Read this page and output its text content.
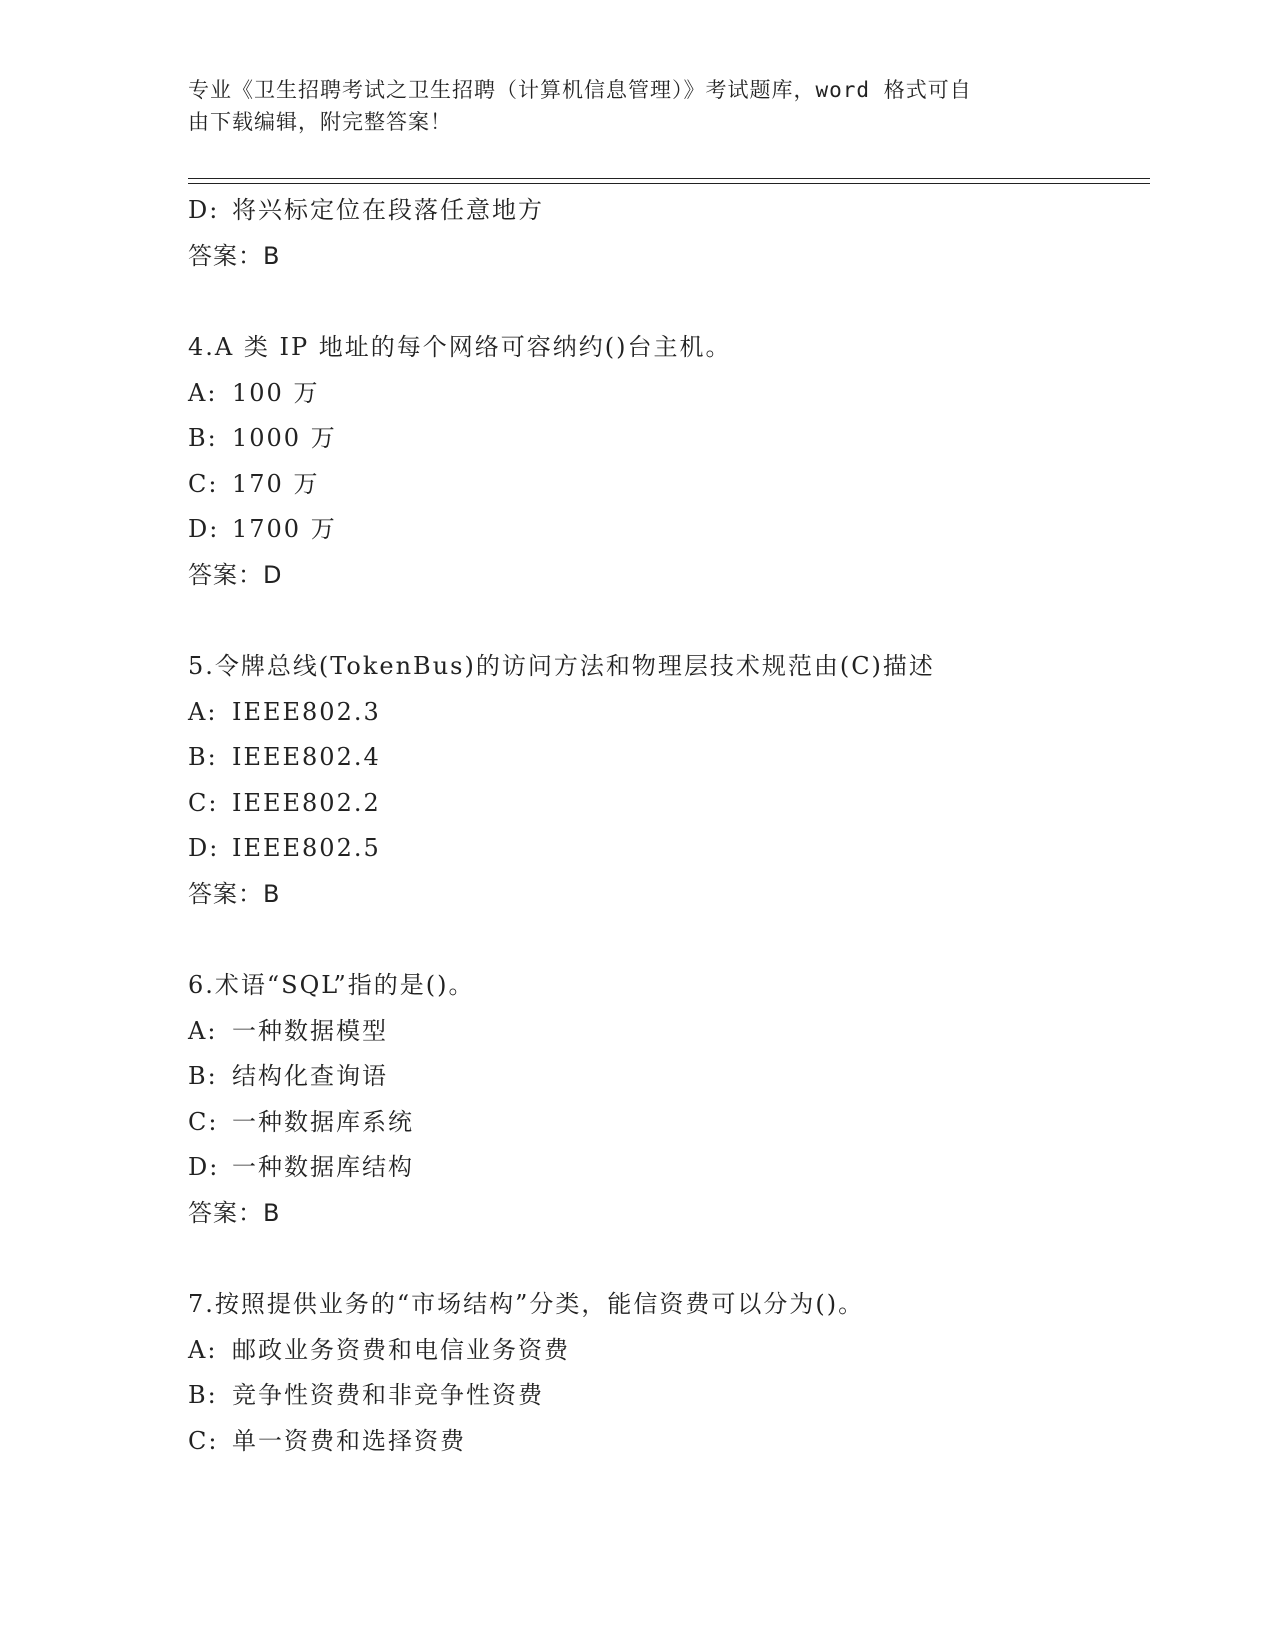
专业《卫生招聘考试之卫生招聘（计算机信息管理）》考试题库，word 格式可自
由下载编辑，附完整答案！
D: 将兴标定位在段落任意地方
答案：B
4.A 类 IP 地址的每个网络可容纳约()台主机。
A: 100 万
B: 1000 万
C: 170 万
D: 1700 万
答案：D
5.令牌总线(TokenBus)的访问方法和物理层技术规范由(C)描述
A: IEEE802.3
B: IEEE802.4
C: IEEE802.2
D: IEEE802.5
答案：B
6.术语“SQL”指的是()。
A: 一种数据模型
B: 结构化查询语
C: 一种数据库系统
D: 一种数据库结构
答案：B
7.按照提供业务的“市场结构”分类，能信资费可以分为()。
A: 邮政业务资费和电信业务资费
B: 竞争性资费和非竞争性资费
C: 单一资费和选择资费
